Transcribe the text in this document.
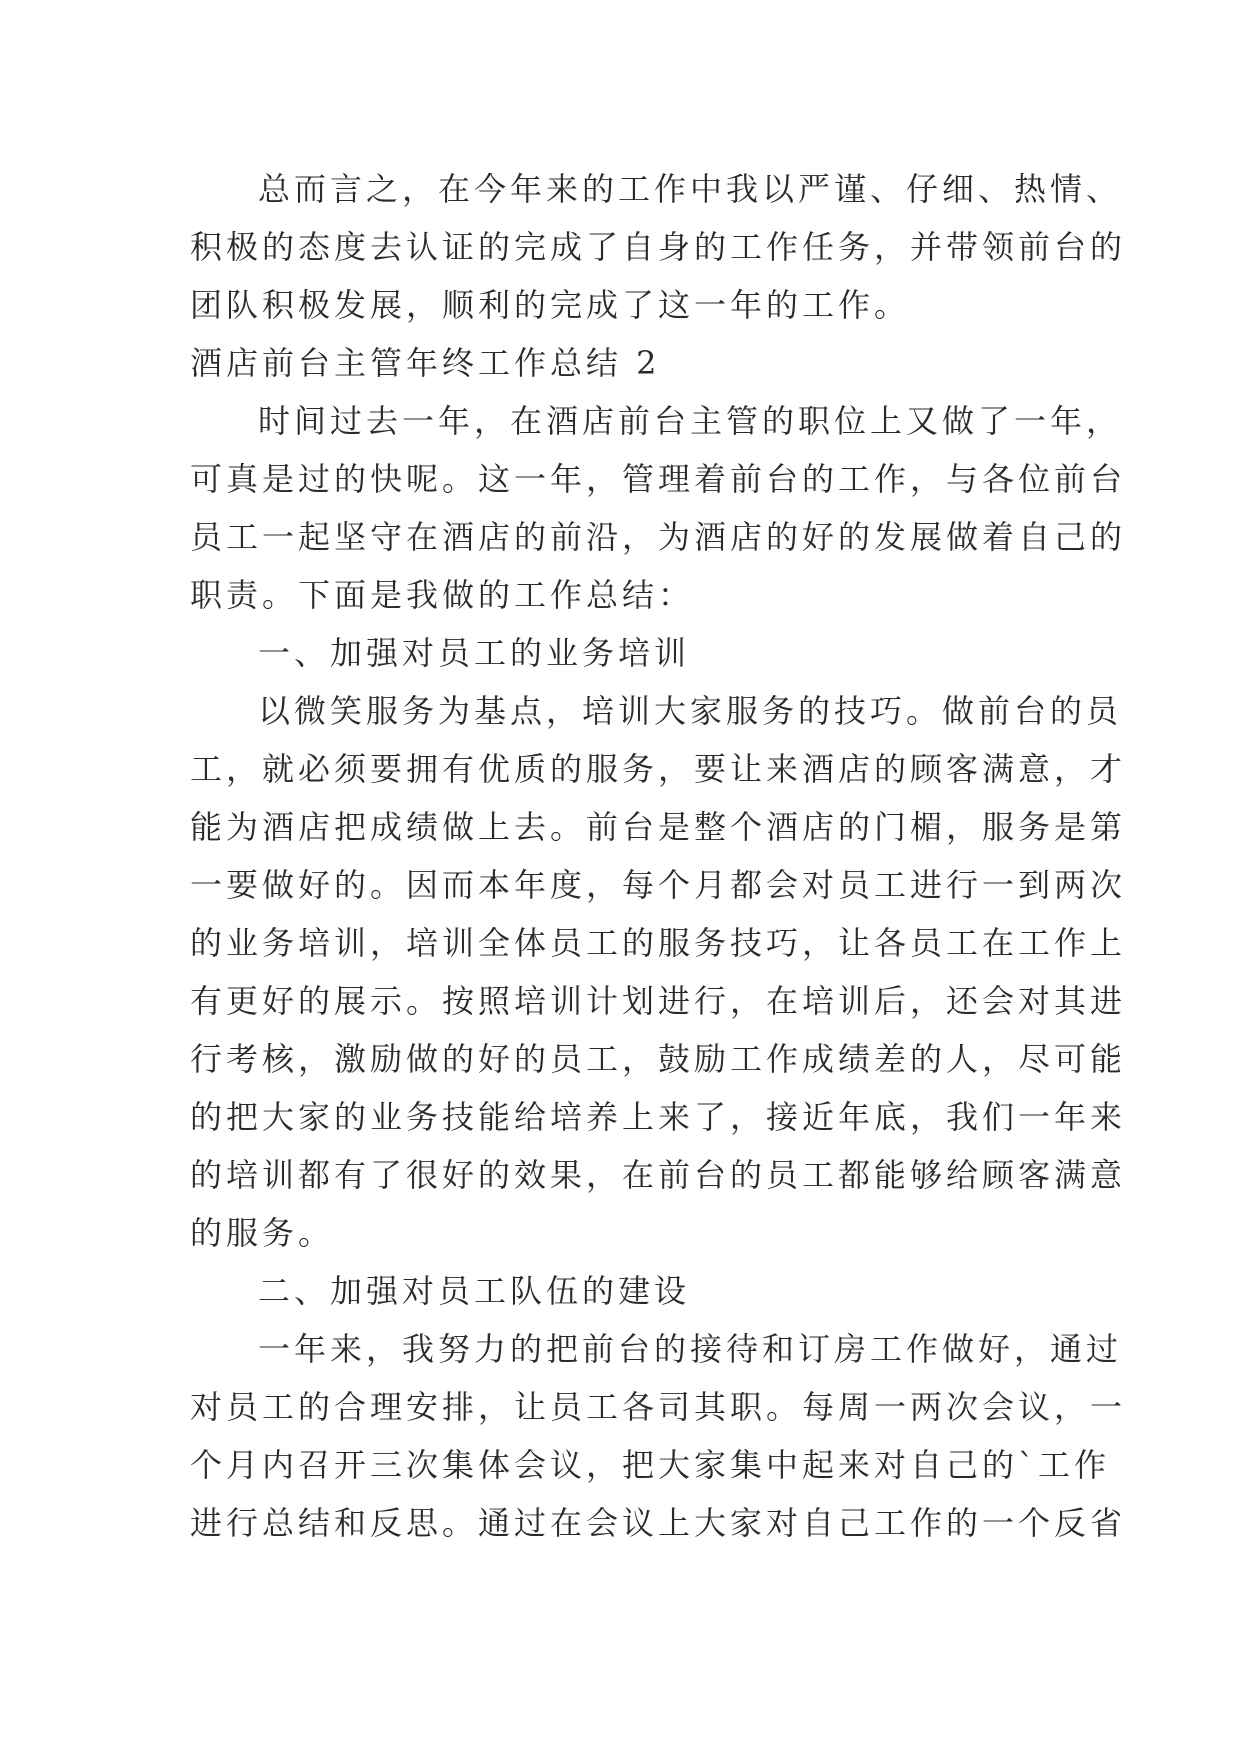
总而言之，在今年来的工作中我以严谨、仔细、热情、
积极的态度去认证的完成了自身的工作任务，并带领前台的
团队积极发展，顺利的完成了这一年的工作。
酒店前台主管年终工作总结 2
时间过去一年，在酒店前台主管的职位上又做了一年，
可真是过的快呢。这一年，管理着前台的工作，与各位前台
员工一起坚守在酒店的前沿，为酒店的好的发展做着自己的
职责。下面是我做的工作总结：
一、加强对员工的业务培训
以微笑服务为基点，培训大家服务的技巧。做前台的员
工，就必须要拥有优质的服务，要让来酒店的顾客满意，才
能为酒店把成绩做上去。前台是整个酒店的门楣，服务是第
一要做好的。因而本年度，每个月都会对员工进行一到两次
的业务培训，培训全体员工的服务技巧，让各员工在工作上
有更好的展示。按照培训计划进行，在培训后，还会对其进
行考核，激励做的好的员工，鼓励工作成绩差的人，尽可能
的把大家的业务技能给培养上来了，接近年底，我们一年来
的培训都有了很好的效果，在前台的员工都能够给顾客满意
的服务。
二、加强对员工队伍的建设
一年来，我努力的把前台的接待和订房工作做好，通过
对员工的合理安排，让员工各司其职。每周一两次会议，一
个月内召开三次集体会议，把大家集中起来对自己的`工作
进行总结和反思。通过在会议上大家对自己工作的一个反省
